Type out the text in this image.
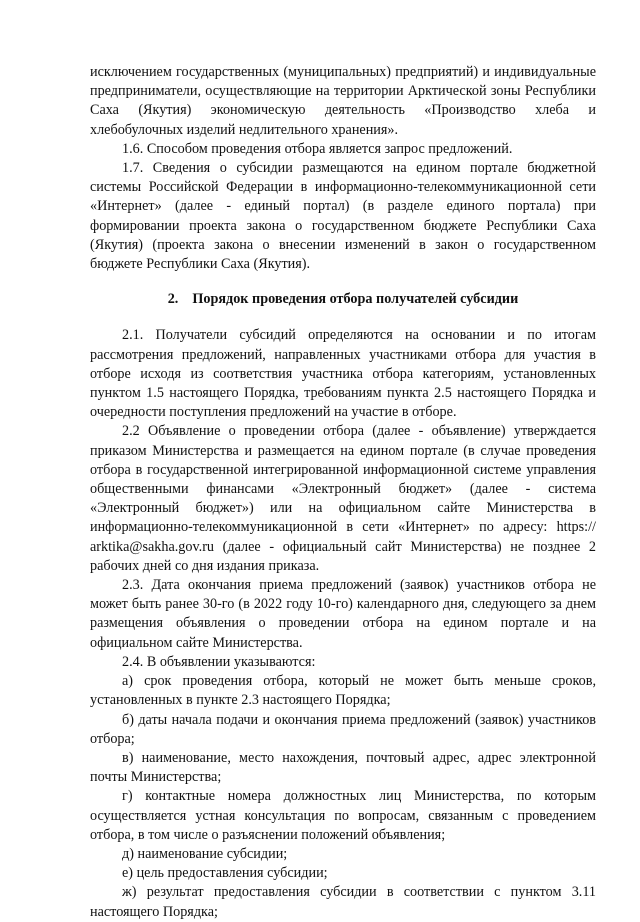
исключением государственных (муниципальных) предприятий) и индивидуальные предприниматели, осуществляющие на территории Арктической зоны Республики Саха (Якутия) экономическую деятельность «Производство хлеба и хлебобулочных изделий недлительного хранения».

1.6. Способом проведения отбора является запрос предложений.

1.7. Сведения о субсидии размещаются на едином портале бюджетной системы Российской Федерации в информационно-телекоммуникационной сети «Интернет» (далее - единый портал) (в разделе единого портала) при формировании проекта закона о государственном бюджете Республики Саха (Якутия) (проекта закона о внесении изменений в закон о государственном бюджете Республики Саха (Якутия).

2. Порядок проведения отбора получателей субсидии

2.1. Получатели субсидий определяются на основании и по итогам рассмотрения предложений, направленных участниками отбора для участия в отборе исходя из соответствия участника отбора категориям, установленных пунктом 1.5 настоящего Порядка, требованиям пункта 2.5 настоящего Порядка и очередности поступления предложений на участие в отборе.

2.2 Объявление о проведении отбора (далее - объявление) утверждается приказом Министерства и размещается на едином портале (в случае проведения отбора в государственной интегрированной информационной системе управления общественными финансами «Электронный бюджет» (далее - система «Электронный бюджет») или на официальном сайте Министерства в информационно-телекоммуникационной в сети «Интернет» по адресу: https:// arktika@sakha.gov.ru (далее - официальный сайт Министерства) не позднее 2 рабочих дней со дня издания приказа.

2.3. Дата окончания приема предложений (заявок) участников отбора не может быть ранее 30-го (в 2022 году 10-го) календарного дня, следующего за днем размещения объявления о проведении отбора на едином портале и на официальном сайте Министерства.

2.4. В объявлении указываются:

а) срок проведения отбора, который не может быть меньше сроков, установленных в пункте 2.3 настоящего Порядка;

б) даты начала подачи и окончания приема предложений (заявок) участников отбора;

в) наименование, место нахождения, почтовый адрес, адрес электронной почты Министерства;

г) контактные номера должностных лиц Министерства, по которым осуществляется устная консультация по вопросам, связанным с проведением отбора, в том числе о разъяснении положений объявления;

д) наименование субсидии;

е) цель предоставления субсидии;

ж) результат предоставления субсидии в соответствии с пунктом 3.11 настоящего Порядка;
